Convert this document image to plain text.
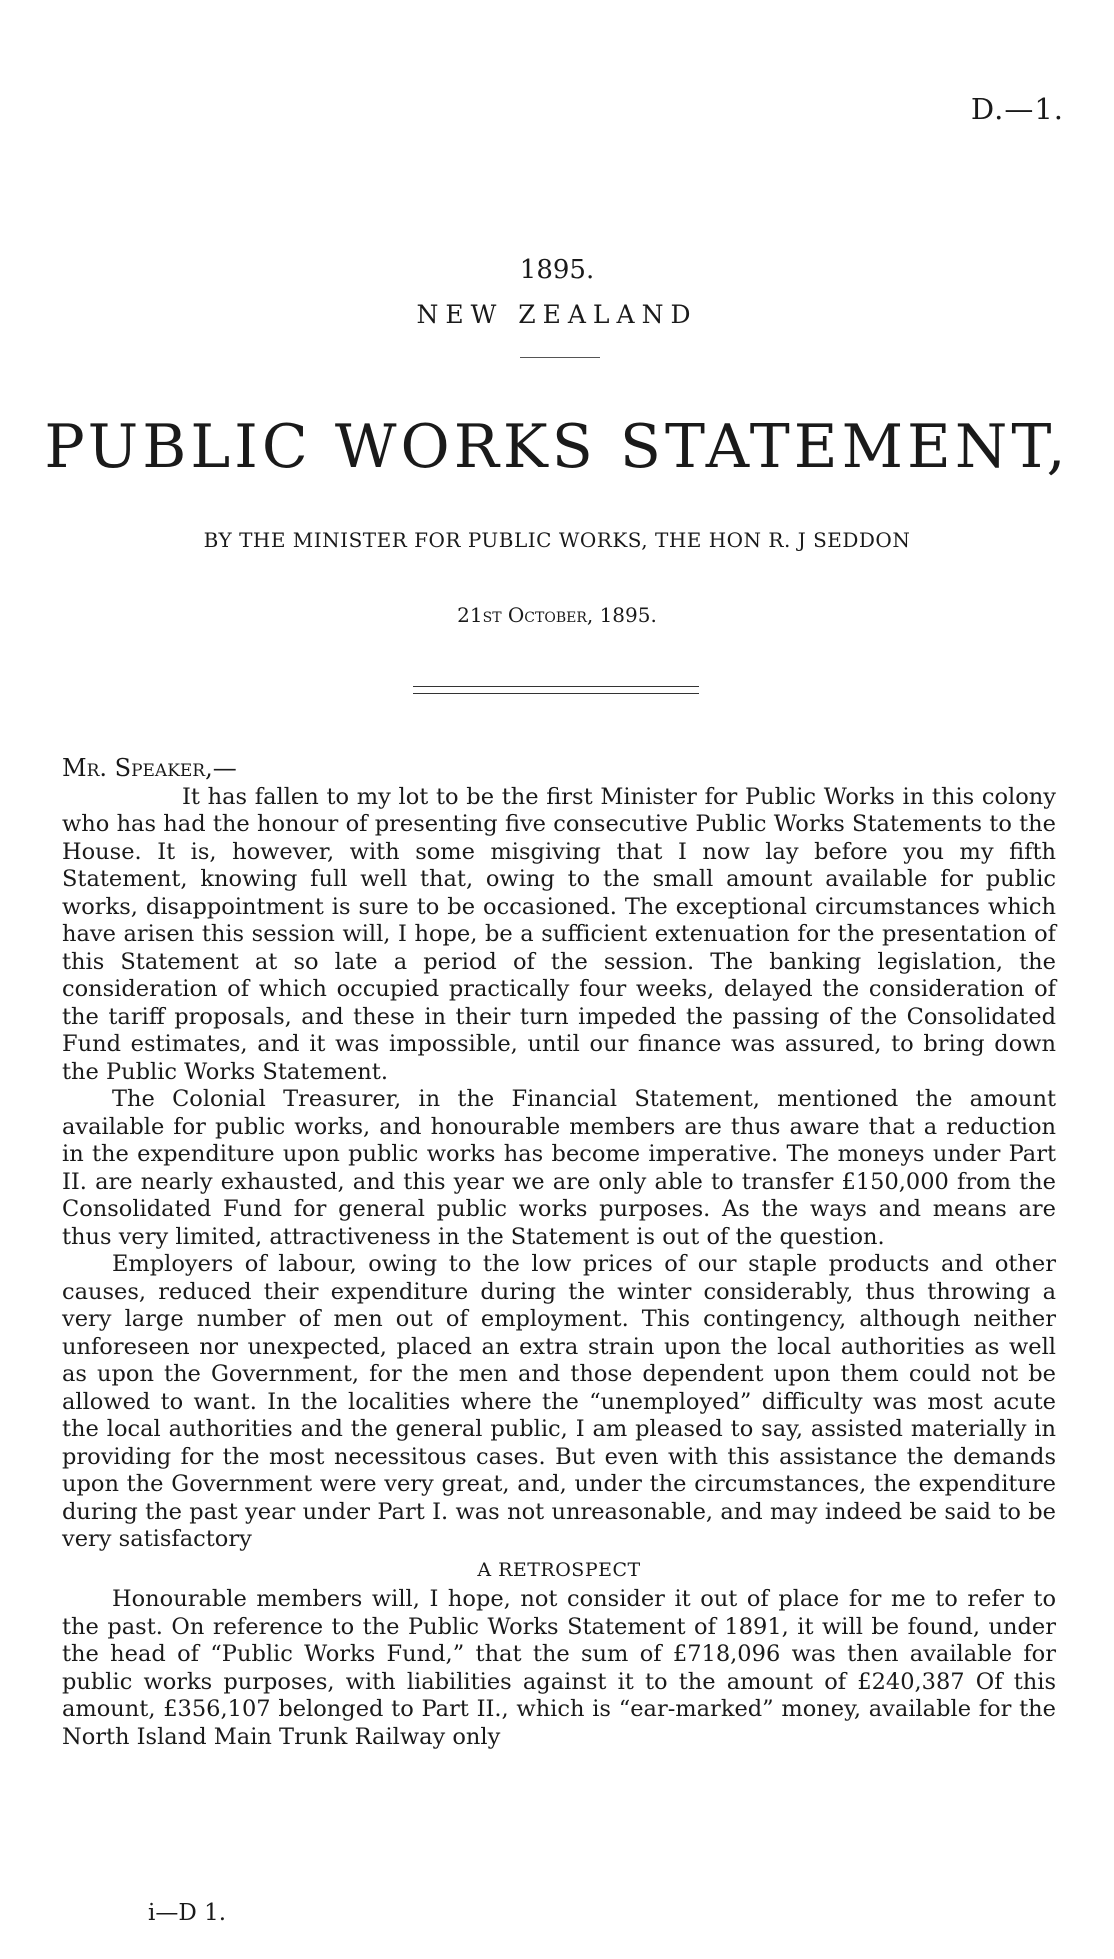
D.—1.
1895.
NEW ZEALAND
PUBLIC WORKS STATEMENT,
BY THE MINISTER FOR PUBLIC WORKS, THE HON R. J SEDDON
21st October, 1895.
Mr. Speaker,—

It has fallen to my lot to be the first Minister for Public Works in this colony who has had the honour of presenting five consecutive Public Works Statements to the House. It is, however, with some misgiving that I now lay before you my fifth Statement, knowing full well that, owing to the small amount available for public works, disappointment is sure to be occasioned. The exceptional circumstances which have arisen this session will, I hope, be a sufficient extenuation for the presentation of this Statement at so late a period of the session. The banking legislation, the consideration of which occupied practically four weeks, delayed the consideration of the tariff proposals, and these in their turn impeded the passing of the Consolidated Fund estimates, and it was impossible, until our finance was assured, to bring down the Public Works Statement.

The Colonial Treasurer, in the Financial Statement, mentioned the amount available for public works, and honourable members are thus aware that a reduction in the expenditure upon public works has become imperative. The moneys under Part II. are nearly exhausted, and this year we are only able to transfer £150,000 from the Consolidated Fund for general public works purposes. As the ways and means are thus very limited, attractiveness in the Statement is out of the question.

Employers of labour, owing to the low prices of our staple products and other causes, reduced their expenditure during the winter considerably, thus throwing a very large number of men out of employment. This contingency, although neither unforeseen nor unexpected, placed an extra strain upon the local authorities as well as upon the Government, for the men and those dependent upon them could not be allowed to want. In the localities where the “unemployed” difficulty was most acute the local authorities and the general public, I am pleased to say, assisted materially in providing for the most necessitous cases. But even with this assistance the demands upon the Government were very great, and, under the circumstances, the expenditure during the past year under Part I. was not unreasonable, and may indeed be said to be very satisfactory

A RETROSPECT

Honourable members will, I hope, not consider it out of place for me to refer to the past. On reference to the Public Works Statement of 1891, it will be found, under the head of “Public Works Fund,” that the sum of £718,096 was then available for public works purposes, with liabilities against it to the amount of £240,387 Of this amount, £356,107 belonged to Part II., which is “ear-marked” money, available for the North Island Main Trunk Railway only

i—D 1.
